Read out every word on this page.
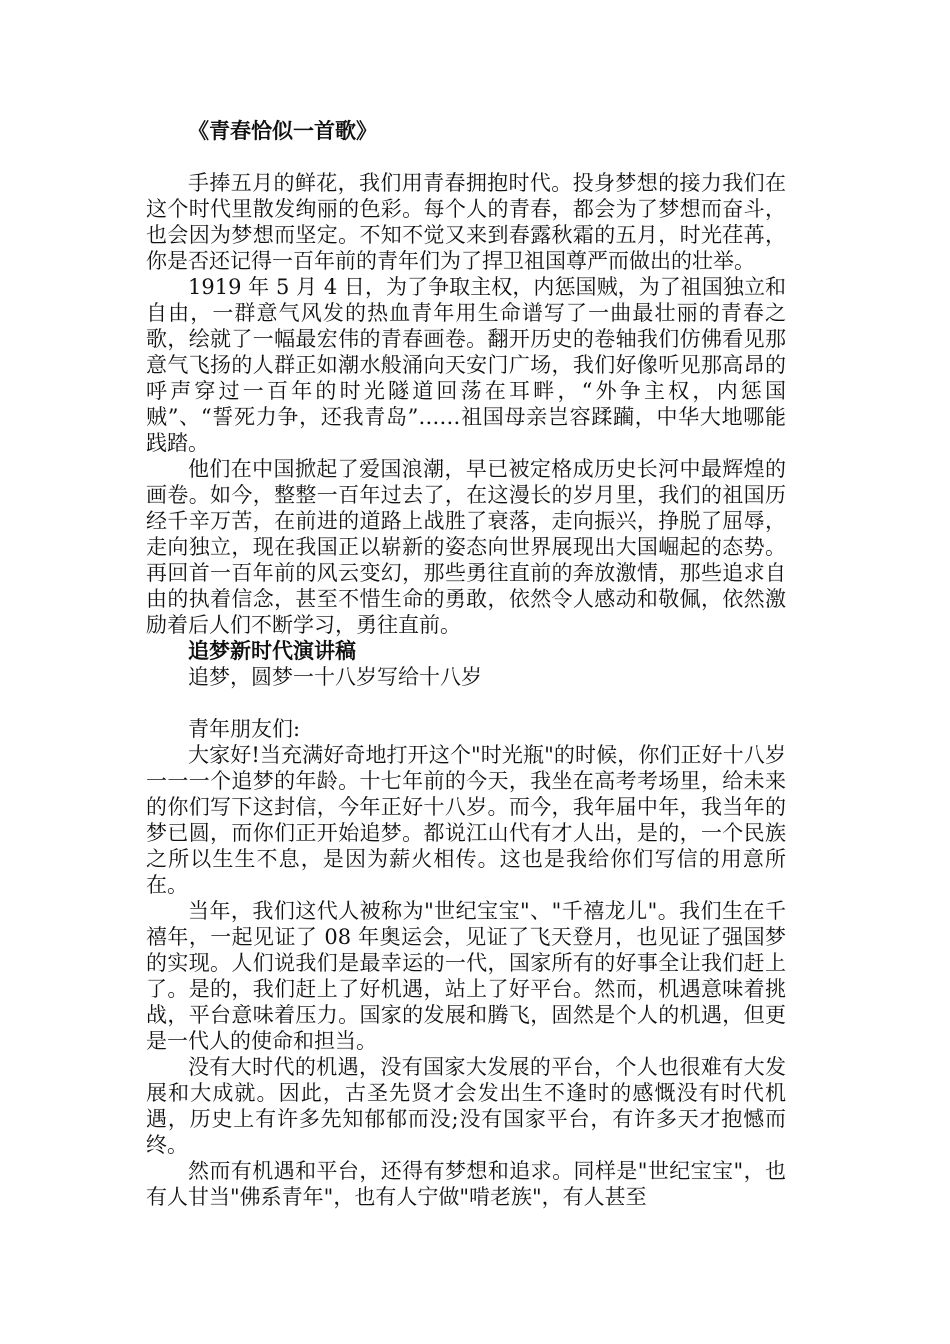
《青春恰似一首歌》

手捧五月的鲜花，我们用青春拥抱时代。投身梦想的接力我们在这个时代里散发绚丽的色彩。每个人的青春，都会为了梦想而奋斗，也会因为梦想而坚定。不知不觉又来到春露秋霜的五月，时光荏苒，你是否还记得一百年前的青年们为了捍卫祖国尊严而做出的壮举。

1919 年 5 月 4 日，为了争取主权，内惩国贼，为了祖国独立和自由，一群意气风发的热血青年用生命谱写了一曲最壮丽的青春之歌，绘就了一幅最宏伟的青春画卷。翻开历史的卷轴我们仿佛看见那意气飞扬的人群正如潮水般涌向天安门广场，我们好像听见那高昂的呼声穿过一百年的时光隧道回荡在耳畔，“外争主权，内惩国贼”、“誓死力争，还我青岛”……祖国母亲岂容蹂躏，中华大地哪能践踏。

他们在中国掀起了爱国浪潮，早已被定格成历史长河中最辉煌的画卷。如今，整整一百年过去了，在这漫长的岁月里，我们的祖国历经千辛万苦，在前进的道路上战胜了衰落，走向振兴，挣脱了屈辱，走向独立，现在我国正以崭新的姿态向世界展现出大国崛起的态势。再回首一百年前的风云变幻，那些勇往直前的奔放激情，那些追求自由的执着信念，甚至不惜生命的勇敢，依然令人感动和敬佩，依然激励着后人们不断学习，勇往直前。

追梦新时代演讲稿

追梦，圆梦一十八岁写给十八岁

青年朋友们:

大家好!当充满好奇地打开这个"时光瓶"的时候，你们正好十八岁一一一个追梦的年龄。十七年前的今天，我坐在高考考场里，给未来的你们写下这封信，今年正好十八岁。而今，我年届中年，我当年的梦已圆，而你们正开始追梦。都说江山代有才人出，是的，一个民族之所以生生不息，是因为薪火相传。这也是我给你们写信的用意所在。

当年，我们这代人被称为"世纪宝宝"、"千禧龙儿"。我们生在千禧年，一起见证了 08 年奥运会，见证了飞天登月，也见证了强国梦的实现。人们说我们是最幸运的一代，国家所有的好事全让我们赶上了。是的，我们赶上了好机遇，站上了好平台。然而，机遇意味着挑战，平台意味着压力。国家的发展和腾飞，固然是个人的机遇，但更是一代人的使命和担当。

没有大时代的机遇，没有国家大发展的平台，个人也很难有大发展和大成就。因此，古圣先贤才会发出生不逢时的感慨没有时代机遇，历史上有许多先知郁郁而没;没有国家平台，有许多天才抱憾而终。

然而有机遇和平台，还得有梦想和追求。同样是"世纪宝宝"，也有人甘当"佛系青年"，也有人宁做"啃老族"，有人甚至
